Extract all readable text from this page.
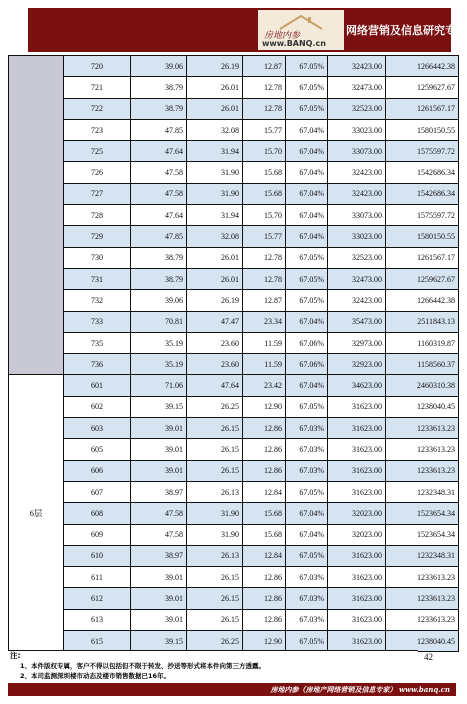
房地内参
www.BANQ.cn
网络营销及信息研究专家
	720	39.06	26.19	12.87	67.05%	32423.00	1266442.38
	721	38.79	26.01	12.78	67.05%	32473.00	1259627.67
	722	38.79	26.01	12.78	67.05%	32523.00	1261567.17
	723	47.85	32.08	15.77	67.04%	33023.00	1580150.55
	725	47.64	31.94	15.70	67.04%	33073.00	1575597.72
	726	47.58	31.90	15.68	67.04%	32423.00	1542686.34
	727	47.58	31.90	15.68	67.04%	32423.00	1542686.34
	728	47.64	31.94	15.70	67.04%	33073.00	1575597.72
	729	47.85	32.08	15.77	67.04%	33023.00	1580150.55
	730	38.79	26.01	12.78	67.05%	32523.00	1261567.17
	731	38.79	26.01	12.78	67.05%	32473.00	1259627.67
	732	39.06	26.19	12.87	67.05%	32423.00	1266442.38
	733	70.81	47.47	23.34	67.04%	35473.00	2511843.13
	735	35.19	23.60	11.59	67.06%	32973.00	1160319.87
	736	35.19	23.60	11.59	67.06%	32923.00	1158560.37
6层	601	71.06	47.64	23.42	67.04%	34623.00	2460310.38
	602	39.15	26.25	12.90	67.05%	31623.00	1238040.45
	603	39.01	26.15	12.86	67.03%	31623.00	1233613.23
	605	39.01	26.15	12.86	67.03%	31623.00	1233613.23
	606	39.01	26.15	12.86	67.03%	31623.00	1233613.23
	607	38.97	26.13	12.84	67.05%	31623.00	1232348.31
	608	47.58	31.90	15.68	67.04%	32023.00	1523654.34
	609	47.58	31.90	15.68	67.04%	32023.00	1523654.34
	610	38.97	26.13	12.84	67.05%	31623.00	1232348.31
	611	39.01	26.15	12.86	67.03%	31623.00	1233613.23
	612	39.01	26.15	12.86	67.03%	31623.00	1233613.23
	613	39.01	26.15	12.86	67.03%	31623.00	1233613.23
	615	39.15	26.25	12.90	67.05%	31623.00	1238040.45
注:
1、本件版权专属，客户不得以包括但不限于转发、抄送等形式将本件向第三方透露。
2、本司监测深圳楼市动态及楼市销售数据已16年。
42
房地内参（房地产网络营销及信息专家） www.banq.cn
